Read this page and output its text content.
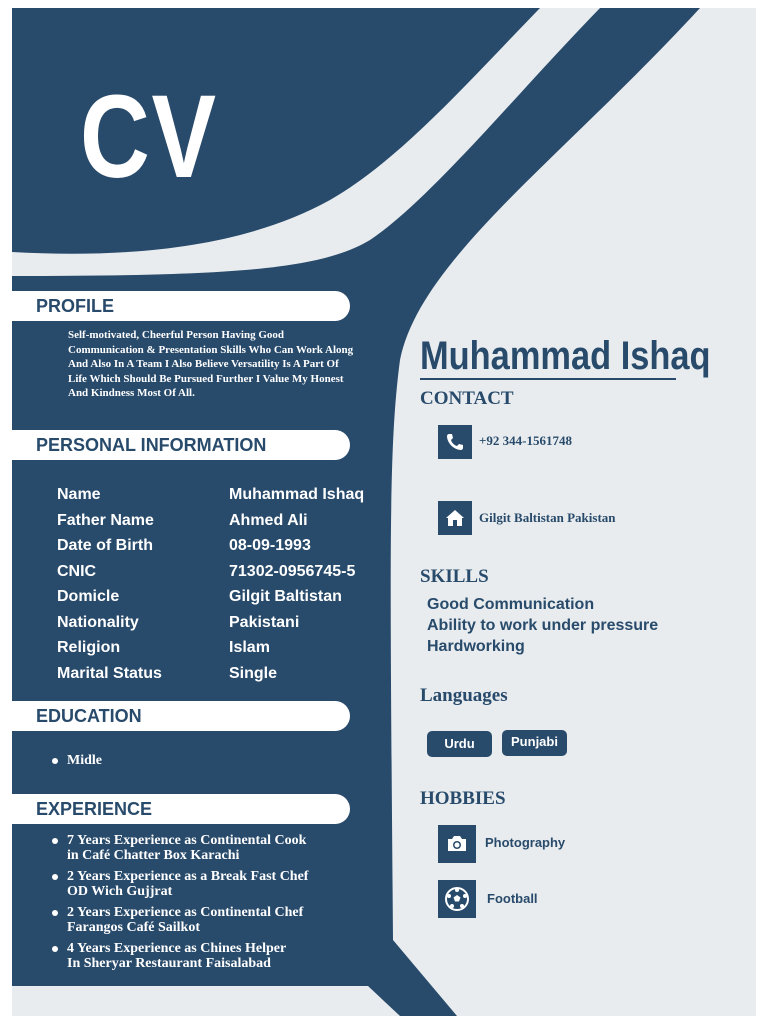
CV
PROFILE
Self-motivated, Cheerful Person Having Good Communication & Presentation Skills Who Can Work Along And Also In A Team I Also Believe Versatility Is A Part Of Life Which Should Be Pursued Further I Value My Honest And Kindness Most Of All.
PERSONAL INFORMATION
Name	Muhammad Ishaq
Father Name	Ahmed Ali
Date of Birth	08-09-1993
CNIC	71302-0956745-5
Domicle	Gilgit Baltistan
Nationality	Pakistani
Religion	Islam
Marital Status	Single
EDUCATION
Midle
EXPERIENCE
7 Years Experience as Continental Cook
in Café Chatter Box Karachi
2 Years Experience as a Break Fast Chef
OD Wich Gujjrat
2 Years Experience as Continental Chef
Farangos Café Sailkot
4 Years Experience as Chines Helper
In Sheryar Restaurant Faisalabad
Muhammad Ishaq
CONTACT
+92 344-1561748
Gilgit Baltistan Pakistan
SKILLS
Good Communication
Ability to work under pressure
Hardworking
Languages
Urdu	Punjabi
HOBBIES
Photography
Football
